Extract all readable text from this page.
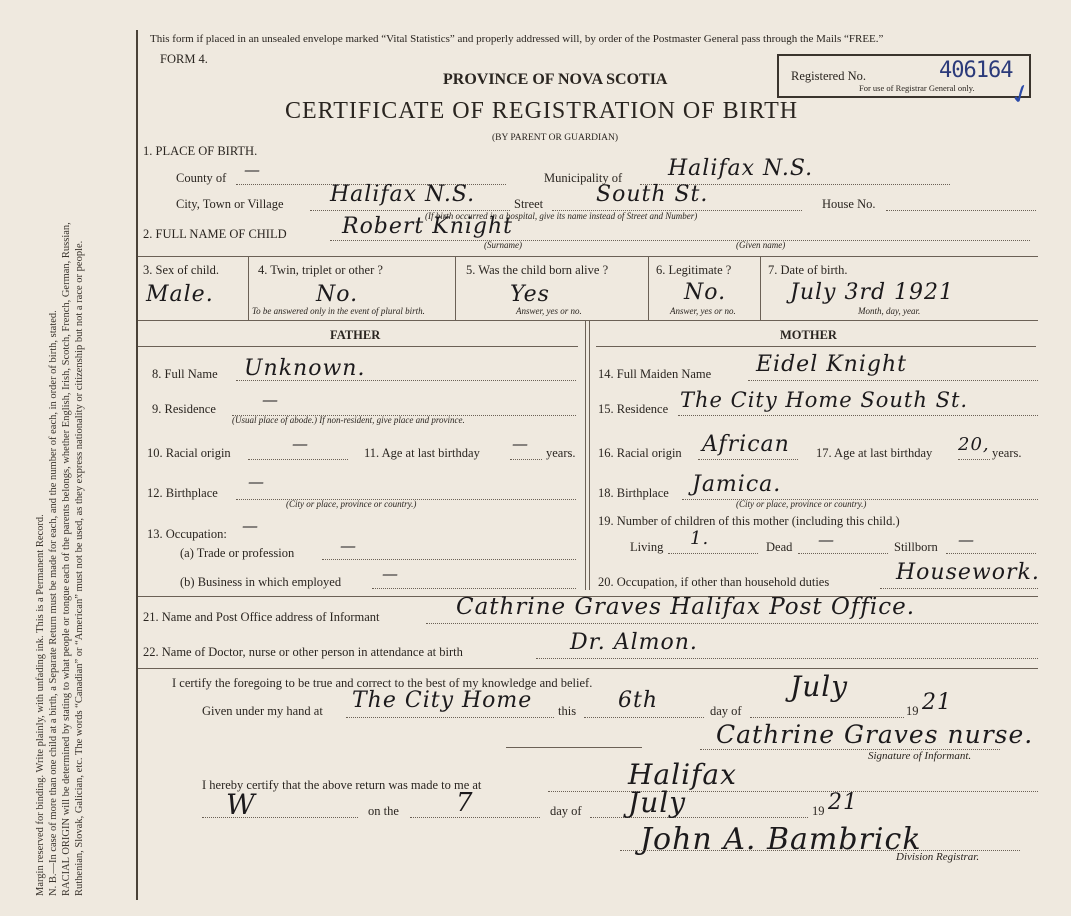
Margin reserved for binding. Write plainly, with unfading ink. This is a Permanent Record. N. B.—In case of more than one child at a birth, a Separate Return must be made for each, and the number of each, in order of birth, stated. RACIAL ORIGIN will be determined by stating to what people or tongue each of the parents belongs, whether English, Irish, Scotch, French, German, Russian, Ruthenian, Slovak, Galician, etc. The words “Canadian” or “American” must not be used, as they express nationality or citizenship but not a race or people.
This form if placed in an unsealed envelope marked “Vital Statistics” and properly addressed will, by order of the Postmaster General pass through the Mails “FREE.”
FORM 4.
PROVINCE OF NOVA SCOTIA
CERTIFICATE OF REGISTRATION OF BIRTH
(BY PARENT OR GUARDIAN)
Registered No.	406164
For use of Registrar General only. ✓
1. PLACE OF BIRTH.
County of —	Municipality of Halifax N.S.
City, Town or Village Halifax N.S.	Street South St.	House No.
(If birth occurred in a hospital, give its name instead of Street and Number)
2. FULL NAME OF CHILD	Robert Knight
(Surname)	(Given name)
3. Sex of child.
Male.
4. Twin, triplet or other ?
No.
To be answered only in the event of plural birth.
5. Was the child born alive ?
Yes
Answer, yes or no.
6. Legitimate ?
No.
Answer, yes or no.
7. Date of birth.
July 3rd 1921
Month, day, year.
FATHER	MOTHER
8. Full Name Unknown.
9. Residence	—
(Usual place of abode.) If non-resident, give place and province.
10. Racial origin	—	11. Age at last birthday — years.
12. Birthplace
—
(City or place, province or country.)
13. Occupation: —
(a) Trade or profession	—
(b) Business in which employed	—
14. Full Maiden Name Eidel Knight
15. Residence The City Home South St.
16. Racial origin African 17. Age at last birthday 20, years.
18. Birthplace Jamica.
(City or place, province or country.)
19. Number of children of this mother (including this child.)
Living 1.	Dead —	Stillborn —
20. Occupation, if other than household duties	Housework.
21. Name and Post Office address of Informant	Cathrine Graves Halifax Post Office.
22. Name of Doctor, nurse or other person in attendance at birth	Dr. Almon.
I certify the foregoing to be true and correct to the best of my knowledge and belief.
Given under my hand at The City Home this 6th	day of
July
19 21
Cathrine Graves nurse.
Signature of Informant.
I hereby certify that the above return was made to me at	Halifax
W	on the 7	day of July	19 21
John A. Bambrick
Division Registrar.
